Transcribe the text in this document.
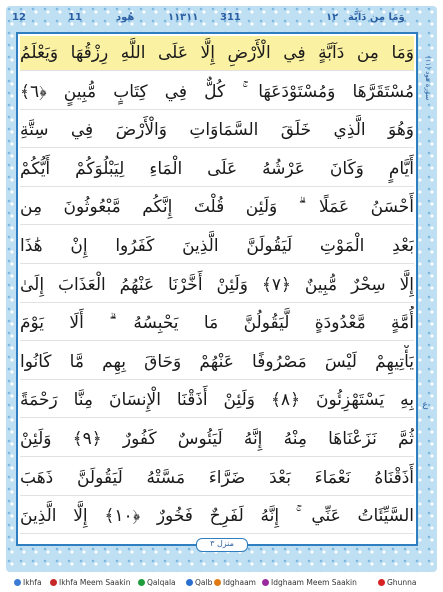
12	هُود	٣١١ 311	وَمَا مِن دَآبَّة
١٢
١١
11
سورة هود (١١)
ع
وَمَا مِن دَآبَّةٍ فِي الْأَرْضِ إِلَّا عَلَى اللَّهِ رِزْقُهَا وَيَعْلَمُ
مُسْتَقَرَّهَا وَمُسْتَوْدَعَهَا ۚ كُلٌّ فِي كِتَابٍ مُّبِينٍ ﴿٦﴾
وَهُوَ الَّذِي خَلَقَ السَّمَاوَاتِ وَالْأَرْضَ فِي سِتَّةِ
أَيَّامٍ وَكَانَ عَرْشُهُ عَلَى الْمَاءِ لِيَبْلُوَكُمْ أَيُّكُمْ
أَحْسَنُ عَمَلًا ۗ وَلَئِن قُلْتَ إِنَّكُم مَّبْعُوثُونَ مِن
بَعْدِ الْمَوْتِ لَيَقُولَنَّ الَّذِينَ كَفَرُوا إِنْ هَٰذَا
إِلَّا سِحْرٌ مُّبِينٌ ﴿٧﴾ وَلَئِنْ أَخَّرْنَا عَنْهُمُ الْعَذَابَ إِلَىٰ
أُمَّةٍ مَّعْدُودَةٍ لَّيَقُولُنَّ مَا يَحْبِسُهُ ۗ أَلَا يَوْمَ
يَأْتِيهِمْ لَيْسَ مَصْرُوفًا عَنْهُمْ وَحَاقَ بِهِم مَّا كَانُوا
بِهِ يَسْتَهْزِئُونَ ﴿٨﴾ وَلَئِنْ أَذَقْنَا الْإِنسَانَ مِنَّا رَحْمَةً
ثُمَّ نَزَعْنَاهَا مِنْهُ إِنَّهُ لَيَئُوسٌ كَفُورٌ ﴿٩﴾ وَلَئِنْ
أَذَقْنَاهُ نَعْمَاءَ بَعْدَ ضَرَّاءَ مَسَّتْهُ لَيَقُولَنَّ ذَهَبَ
السَّيِّئَاتُ عَنِّي ۚ إِنَّهُ لَفَرِحٌ فَخُورٌ ﴿١٠﴾ إِلَّا الَّذِينَ
منزل ٣
Ikhfa	Ikhfa Meem Saakin	Qalqala	Qalb	Idghaam	Idghaam Meem Saakin	Ghunna
